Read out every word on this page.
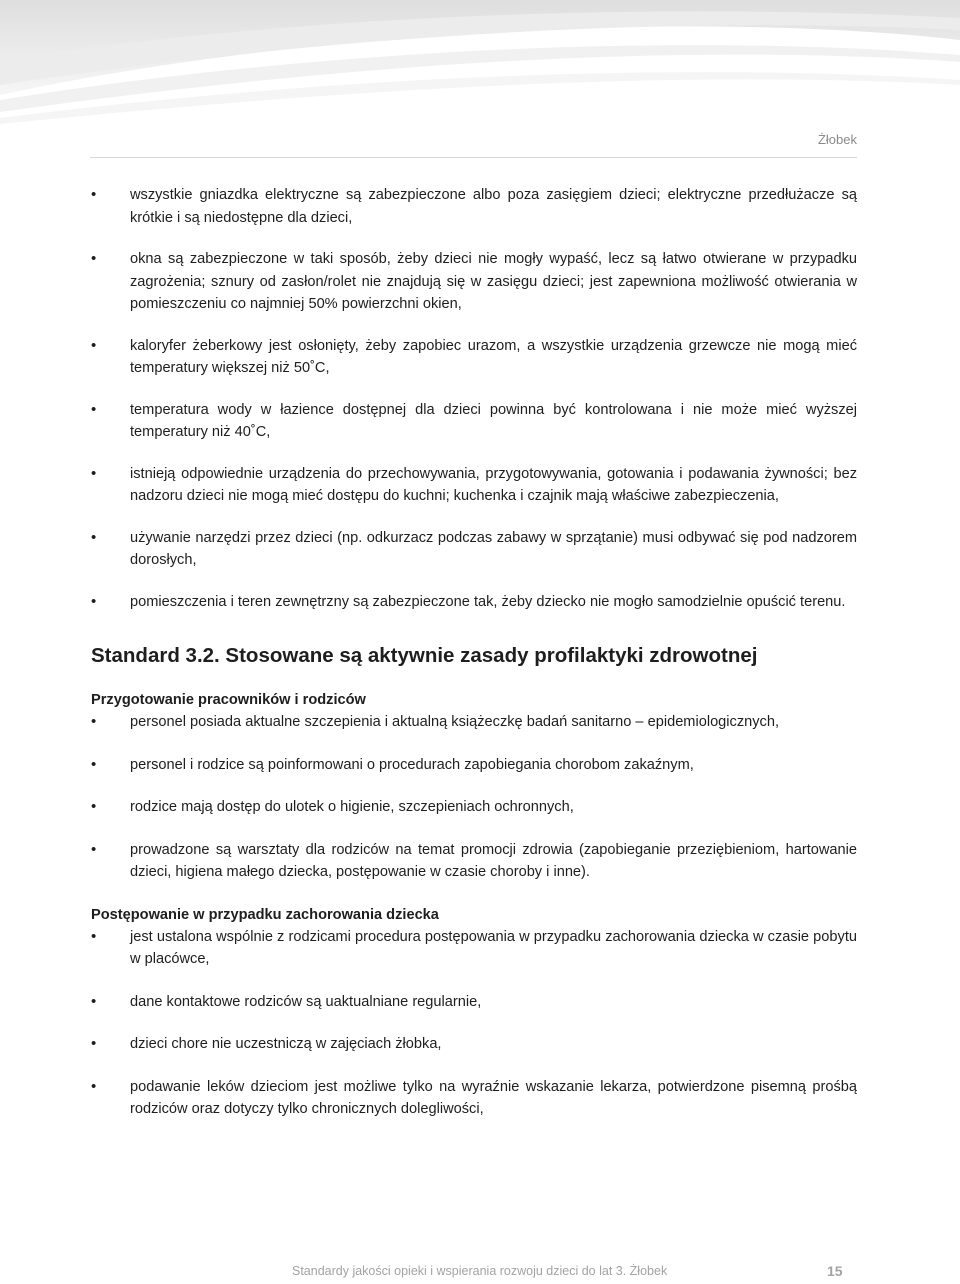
Żłobek
• wszystkie gniazdka elektryczne są zabezpieczone albo poza zasięgiem dzieci; elektryczne przedłużacze są krótkie i są niedostępne dla dzieci,
• okna są zabezpieczone w taki sposób, żeby dzieci nie mogły wypaść, lecz są łatwo otwierane w przypadku zagrożenia; sznury od zasłon/rolet nie znajdują się w zasięgu dzieci; jest zapewniona możliwość otwierania w pomieszczeniu co najmniej 50% powierzchni okien,
• kaloryfer żeberkowy jest osłonięty, żeby zapobiec urazom, a wszystkie urządzenia grzewcze nie mogą mieć temperatury większej niż 50˚C,
• temperatura wody w łazience dostępnej dla dzieci powinna być kontrolowana i nie może mieć wyższej temperatury niż 40˚C,
• istnieją odpowiednie urządzenia do przechowywania, przygotowywania, gotowania i podawania żywności; bez nadzoru dzieci nie mogą mieć dostępu do kuchni; kuchenka i czajnik mają właściwe zabezpieczenia,
• używanie narzędzi przez dzieci (np. odkurzacz podczas zabawy w sprzątanie) musi odbywać się pod nadzorem dorosłych,
• pomieszczenia i teren zewnętrzny są zabezpieczone tak, żeby dziecko nie mogło samodzielnie opuścić terenu.
Standard 3.2. Stosowane są aktywnie zasady profilaktyki zdrowotnej
Przygotowanie pracowników i rodziców
• personel posiada aktualne szczepienia i aktualną książeczkę badań sanitarno – epidemiologicznych,
• personel i rodzice są poinformowani o procedurach zapobiegania chorobom zakaźnym,
• rodzice mają dostęp do ulotek o higienie, szczepieniach ochronnych,
• prowadzone są warsztaty dla rodziców na temat promocji zdrowia (zapobieganie przeziębieniom, hartowanie dzieci, higiena małego dziecka, postępowanie w czasie choroby i inne).
Postępowanie w przypadku zachorowania dziecka
• jest ustalona wspólnie z rodzicami procedura postępowania w przypadku zachorowania dziecka w czasie pobytu w placówce,
• dane kontaktowe rodziców są uaktualniane regularnie,
• dzieci chore nie uczestniczą w zajęciach żłobka,
• podawanie leków dzieciom jest możliwe tylko na wyraźnie wskazanie lekarza, potwierdzone pisemną prośbą rodziców oraz dotyczy tylko chronicznych dolegliwości,
Standardy jakości opieki i wspierania rozwoju dzieci do lat 3. Żłobek	15
